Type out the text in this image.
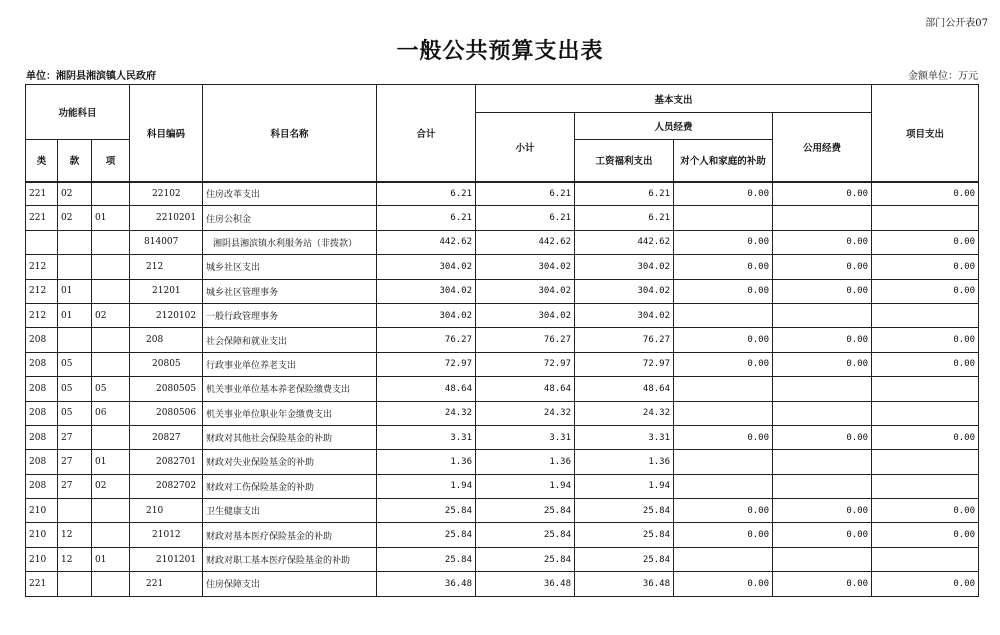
部门公开表07
一般公共预算支出表
单位：湘阴县湘滨镇人民政府	金额单位：万元
功能科目			科目编码	科目名称	合计	基本支出				项目支出
						小计	人员经费		公用经费	
类	款	项					工资福利支出	对个人和家庭的补助		
221	02		22102	住房改革支出	6.21	6.21	6.21	0.00	0.00	0.00
221	02	01	2210201	住房公积金	6.21	6.21	6.21			
			814007	湘阴县湘滨镇水利服务站（非拨款）	442.62	442.62	442.62	0.00	0.00	0.00
212			212	城乡社区支出	304.02	304.02	304.02	0.00	0.00	0.00
212	01		21201	城乡社区管理事务	304.02	304.02	304.02	0.00	0.00	0.00
212	01	02	2120102	一般行政管理事务	304.02	304.02	304.02			
208			208	社会保障和就业支出	76.27	76.27	76.27	0.00	0.00	0.00
208	05		20805	行政事业单位养老支出	72.97	72.97	72.97	0.00	0.00	0.00
208	05	05	2080505	机关事业单位基本养老保险缴费支出	48.64	48.64	48.64			
208	05	06	2080506	机关事业单位职业年金缴费支出	24.32	24.32	24.32			
208	27		20827	财政对其他社会保险基金的补助	3.31	3.31	3.31	0.00	0.00	0.00
208	27	01	2082701	财政对失业保险基金的补助	1.36	1.36	1.36			
208	27	02	2082702	财政对工伤保险基金的补助	1.94	1.94	1.94			
210			210	卫生健康支出	25.84	25.84	25.84	0.00	0.00	0.00
210	12		21012	财政对基本医疗保险基金的补助	25.84	25.84	25.84	0.00	0.00	0.00
210	12	01	2101201	财政对职工基本医疗保险基金的补助	25.84	25.84	25.84			
221			221	住房保障支出	36.48	36.48	36.48	0.00	0.00	0.00
